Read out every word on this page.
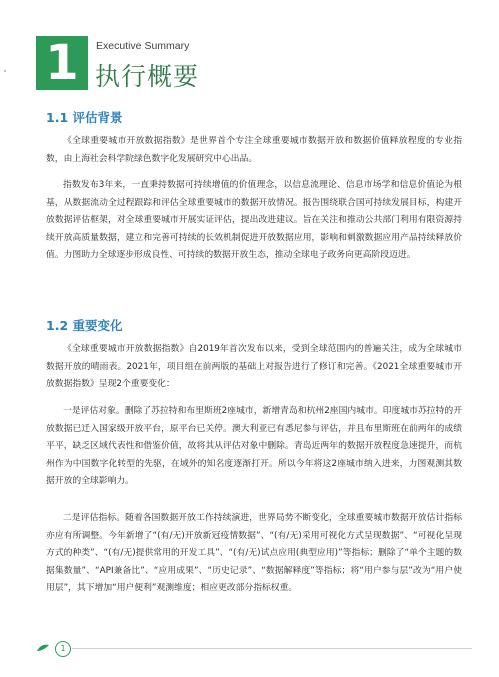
1	Executive Summary
执行概要
1.1 评估背景

《全球重要城市开放数据指数》是世界首个专注全球重要城市数据开放和数据价值释放程度的专业指数，由上海社会科学院绿色数字化发展研究中心出品。

指数发布3年来，一直秉持数据可持续增值的价值理念，以信息流理论、信息市场学和信息价值论为根基，从数据流动全过程跟踪和评估全球重要城市的数据开放情况。报告围绕联合国可持续发展目标，构建开放数据评估框架，对全球重要城市开展实证评估，提出改进建议。旨在关注和推动公共部门利用有限资源持续开放高质量数据，建立和完善可持续的长效机制促进开放数据应用，影响和刺激数据应用产品持续释放价值。力图助力全球逐步形成良性、可持续的数据开放生态，推动全球电子政务向更高阶段迈进。

1.2 重要变化

《全球重要城市开放数据指数》自2019年首次发布以来，受到全球范围内的普遍关注，成为全球城市数据开放的晴雨表。2021年，项目组在前两版的基础上对报告进行了修订和完善。《2021全球重要城市开放数据指数》呈现2个重要变化：

一是评估对象。删除了苏拉特和布里斯班2座城市，新增青岛和杭州2座国内城市。印度城市苏拉特的开放数据已迁入国家级开放平台，原平台已关停。澳大利亚已有悉尼参与评估，并且布里斯班在前两年的成绩平平，缺乏区域代表性和借鉴价值，故将其从评估对象中删除。青岛近两年的数据开放程度急速提升，而杭州作为中国数字化转型的先驱，在域外的知名度逐渐打开。所以今年将这2座城市纳入进来，力图观测其数据开放的全球影响力。

二是评估指标。随着各国数据开放工作持续演进，世界局势不断变化，全球重要城市数据开放估计指标亦应有所调整。今年新增了“(有/无)开放新冠疫情数据”、“(有/无)采用可视化方式呈现数据”、“可视化呈现方式的种类”、“(有/无)提供常用的开发工具”、“(有/无)试点应用(典型应用)”等指标；删除了“单个主题的数据集数量”、“API兼备比”、“应用成果”、“历史记录”、“数据解释度”等指标；将“用户参与层”改为“用户使用层”，其下增加“用户便利”观测维度；相应更改部分指标权重。

1
